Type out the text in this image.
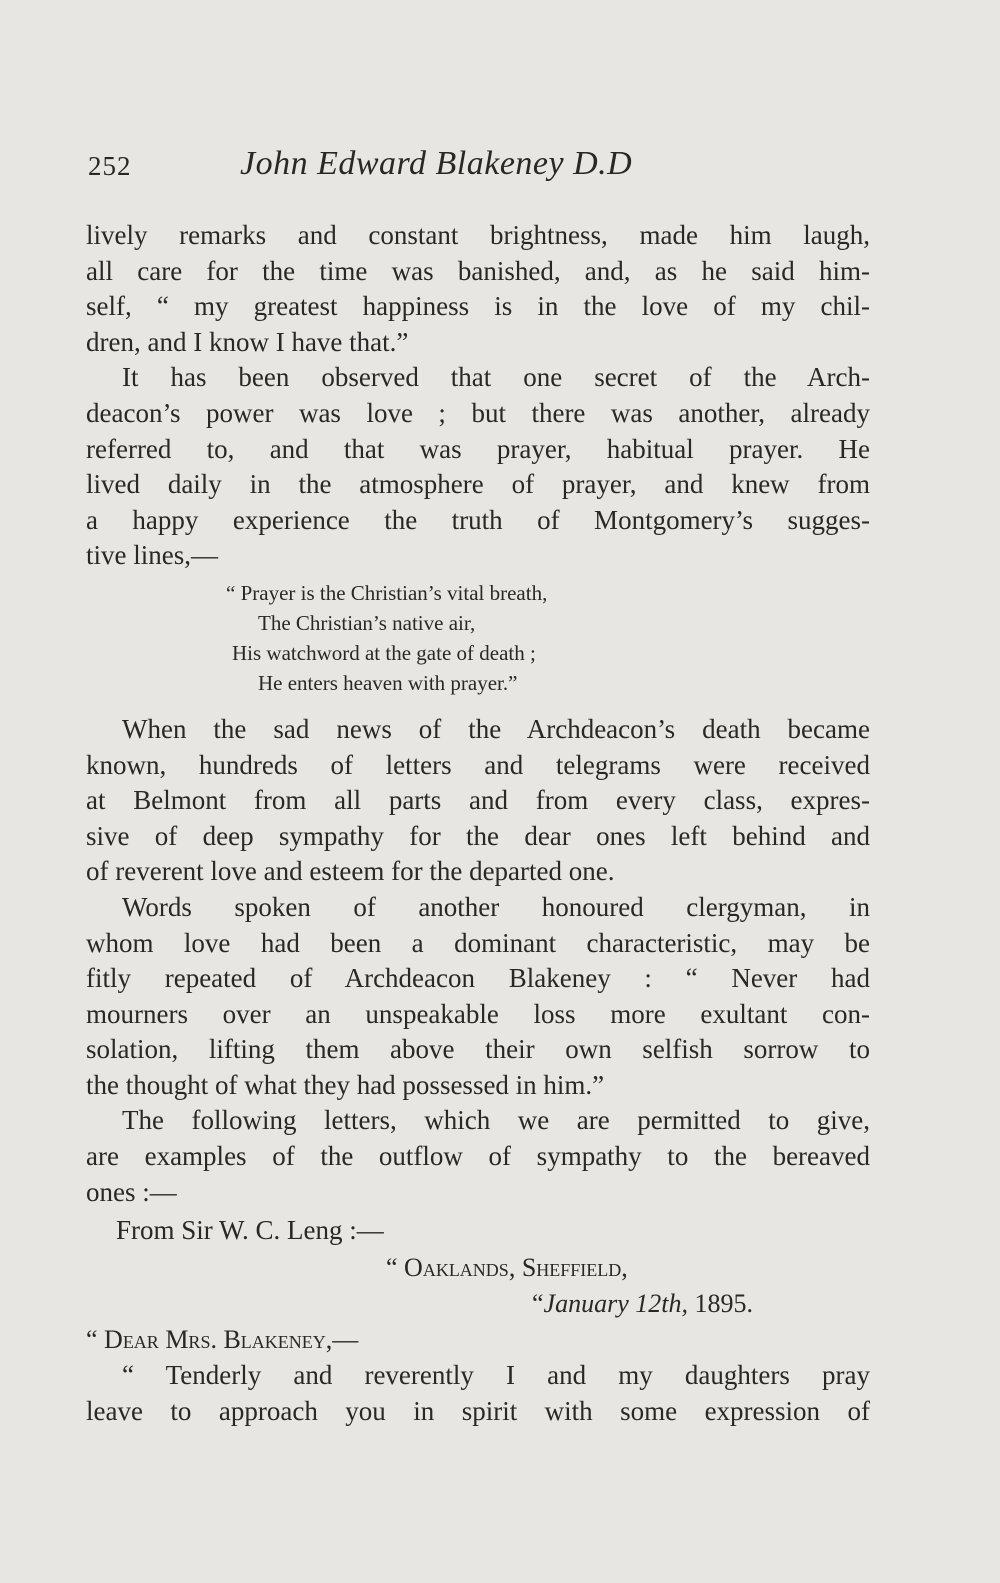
252	John Edward Blakeney D.D

lively remarks and constant brightness, made him laugh,
all care for the time was banished, and, as he said him-
self, “ my greatest happiness is in the love of my chil-
dren, and I know I have that.”

It has been observed that one secret of the Arch-
deacon’s power was love ; but there was another, already
referred to, and that was prayer, habitual prayer. He
lived daily in the atmosphere of prayer, and knew from
a happy experience the truth of Montgomery’s sugges-
tive lines,—

“ Prayer is the Christian’s vital breath,
The Christian’s native air,
His watchword at the gate of death ;
He enters heaven with prayer.”

When the sad news of the Archdeacon’s death became
known, hundreds of letters and telegrams were received
at Belmont from all parts and from every class, expres-
sive of deep sympathy for the dear ones left behind and
of reverent love and esteem for the departed one.

Words spoken of another honoured clergyman, in
whom love had been a dominant characteristic, may be
fitly repeated of Archdeacon Blakeney : “ Never had
mourners over an unspeakable loss more exultant con-
solation, lifting them above their own selfish sorrow to
the thought of what they had possessed in him.”

The following letters, which we are permitted to give,
are examples of the outflow of sympathy to the bereaved
ones :—

From Sir W. C. Leng :—
“ Oaklands, Sheffield,
“January 12th, 1895.
“ Dear Mrs. Blakeney,—
“ Tenderly and reverently I and my daughters pray
leave to approach you in spirit with some expression of
